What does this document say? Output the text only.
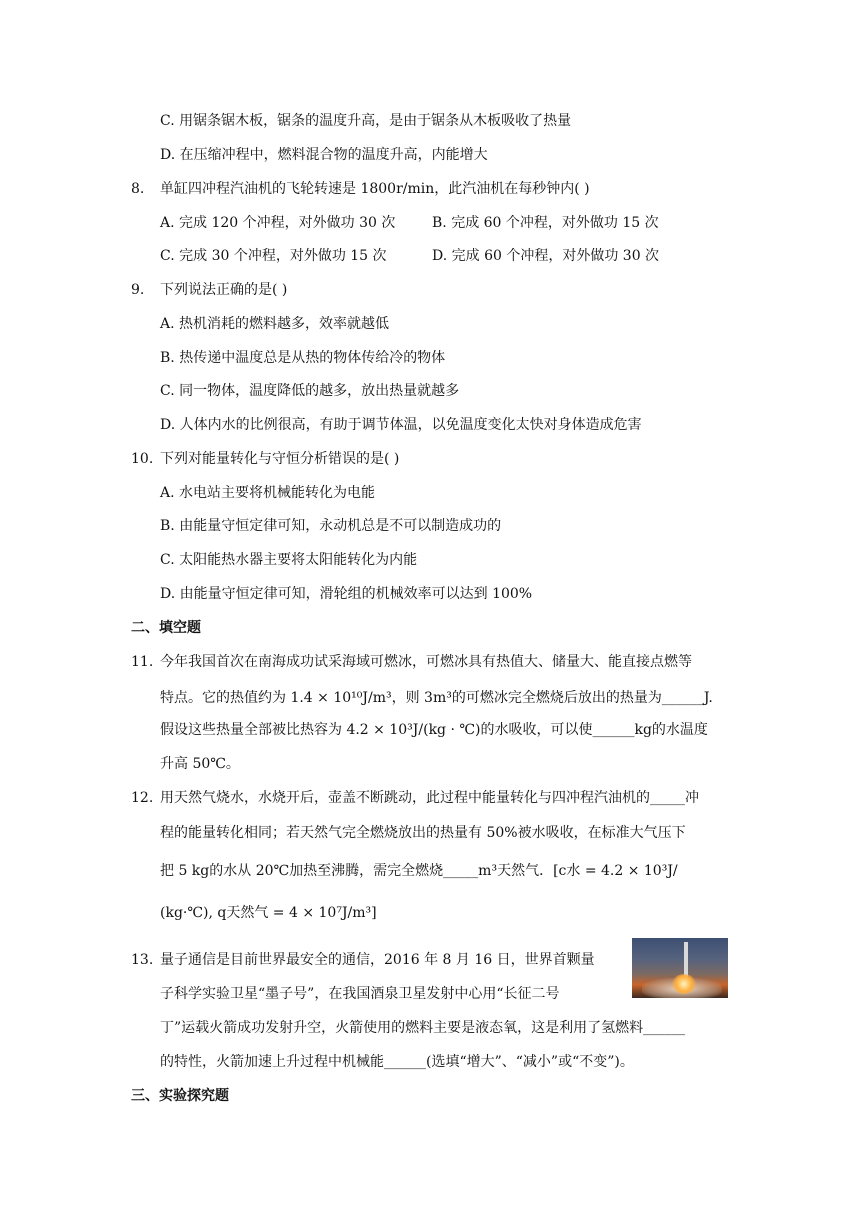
C. 用锯条锯木板，锯条的温度升高，是由于锯条从木板吸收了热量
D. 在压缩冲程中，燃料混合物的温度升高，内能增大
8. 单缸四冲程汽油机的飞轮转速是 1800r/min，此汽油机在每秒钟内( )
A. 完成 120 个冲程，对外做功 30 次	B. 完成 60 个冲程，对外做功 15 次
C. 完成 30 个冲程，对外做功 15 次	D. 完成 60 个冲程，对外做功 30 次
9. 下列说法正确的是( )
A. 热机消耗的燃料越多，效率就越低
B. 热传递中温度总是从热的物体传给冷的物体
C. 同一物体，温度降低的越多，放出热量就越多
D. 人体内水的比例很高，有助于调节体温，以免温度变化太快对身体造成危害
10. 下列对能量转化与守恒分析错误的是( )
A. 水电站主要将机械能转化为电能
B. 由能量守恒定律可知，永动机总是不可以制造成功的
C. 太阳能热水器主要将太阳能转化为内能
D. 由能量守恒定律可知，滑轮组的机械效率可以达到 100%
二、填空题
11. 今年我国首次在南海成功试采海域可燃冰，可燃冰具有热值大、储量大、能直接点燃等
特点。它的热值约为 1.4 × 10¹⁰J/m³，则 3m³的可燃冰完全燃烧后放出的热量为______J.
假设这些热量全部被比热容为 4.2 × 10³J/(kg · ℃)的水吸收，可以使______kg的水温度
升高 50℃。
12. 用天然气烧水，水烧开后，壶盖不断跳动，此过程中能量转化与四冲程汽油机的_____冲
程的能量转化相同；若天然气完全燃烧放出的热量有 50%被水吸收，在标准大气压下
把 5 kg的水从 20℃加热至沸腾，需完全燃烧_____m³天然气．[c水 = 4.2 × 10³J/
(kg·℃), q天然气 = 4 × 10⁷J/m³]
13. 量子通信是目前世界最安全的通信，2016 年 8 月 16 日，世界首颗量
子科学实验卫星“墨子号”，在我国酒泉卫星发射中心用“长征二号
丁”运载火箭成功发射升空，火箭使用的燃料主要是液态氧，这是利用了氢燃料______
的特性，火箭加速上升过程中机械能______(选填“增大”、“减小”或“不变”)。
三、实验探究题
